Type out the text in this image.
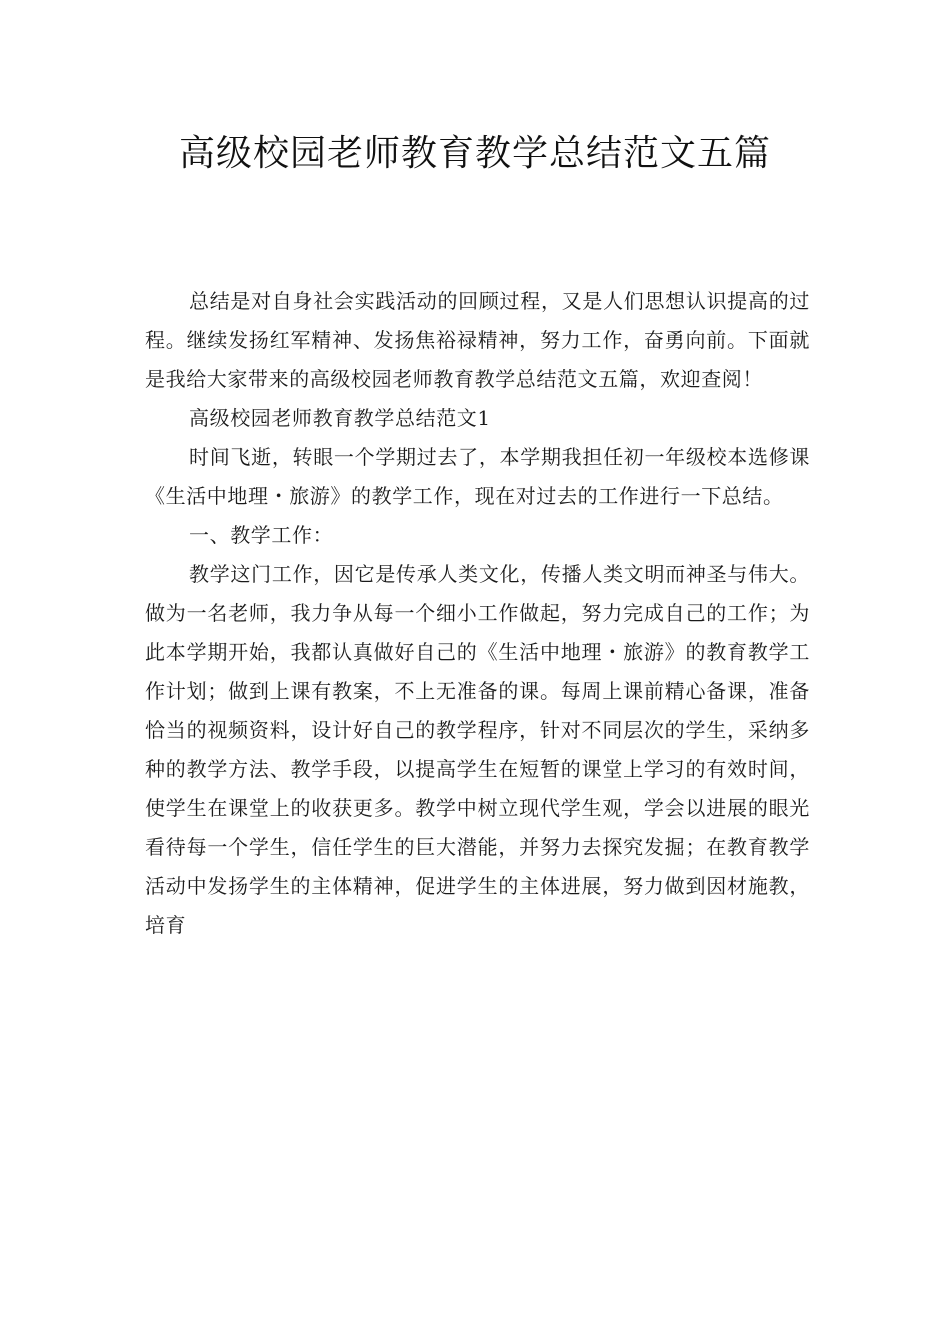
高级校园老师教育教学总结范文五篇

总结是对自身社会实践活动的回顾过程，又是人们思想认识提高的过程。继续发扬红军精神、发扬焦裕禄精神，努力工作，奋勇向前。下面就是我给大家带来的高级校园老师教育教学总结范文五篇，欢迎查阅！

高级校园老师教育教学总结范文1

时间飞逝，转眼一个学期过去了，本学期我担任初一年级校本选修课《生活中地理・旅游》的教学工作，现在对过去的工作进行一下总结。

一、教学工作：

教学这门工作，因它是传承人类文化，传播人类文明而神圣与伟大。做为一名老师，我力争从每一个细小工作做起，努力完成自己的工作；为此本学期开始，我都认真做好自己的《生活中地理・旅游》的教育教学工作计划；做到上课有教案，不上无准备的课。每周上课前精心备课，准备恰当的视频资料，设计好自己的教学程序，针对不同层次的学生，采纳多种的教学方法、教学手段，以提高学生在短暂的课堂上学习的有效时间，使学生在课堂上的收获更多。教学中树立现代学生观，学会以进展的眼光看待每一个学生，信任学生的巨大潜能，并努力去探究发掘；在教育教学活动中发扬学生的主体精神，促进学生的主体进展，努力做到因材施教，培育
